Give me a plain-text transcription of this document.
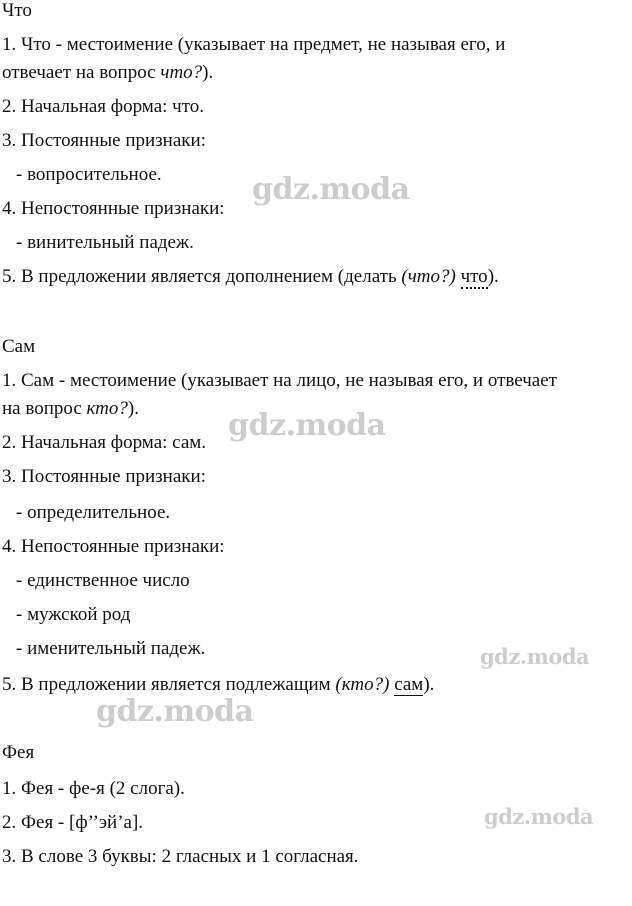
Что
1. Что - местоимение (указывает на предмет, не называя его, и
отвечает на вопрос что?).
2. Начальная форма: что.
3. Постоянные признаки:
- вопросительное.
4. Непостоянные признаки:
- винительный падеж.
5. В предложении является дополнением (делать (что?) что).
Сам
1. Сам - местоимение (указывает на лицо, не называя его, и отвечает
на вопрос кто?).
2. Начальная форма: сам.
3. Постоянные признаки:
- определительное.
4. Непостоянные признаки:
- единственное число
- мужской род
- именительный падеж.
5. В предложении является подлежащим (кто?) сам).
Фея
1. Фея - фе-я (2 слога).
2. Фея - [ф’’эй’а].
3. В слове 3 буквы: 2 гласных и 1 согласная.
gdz.moda
gdz.moda
gdz.moda
gdz.moda
gdz.moda
